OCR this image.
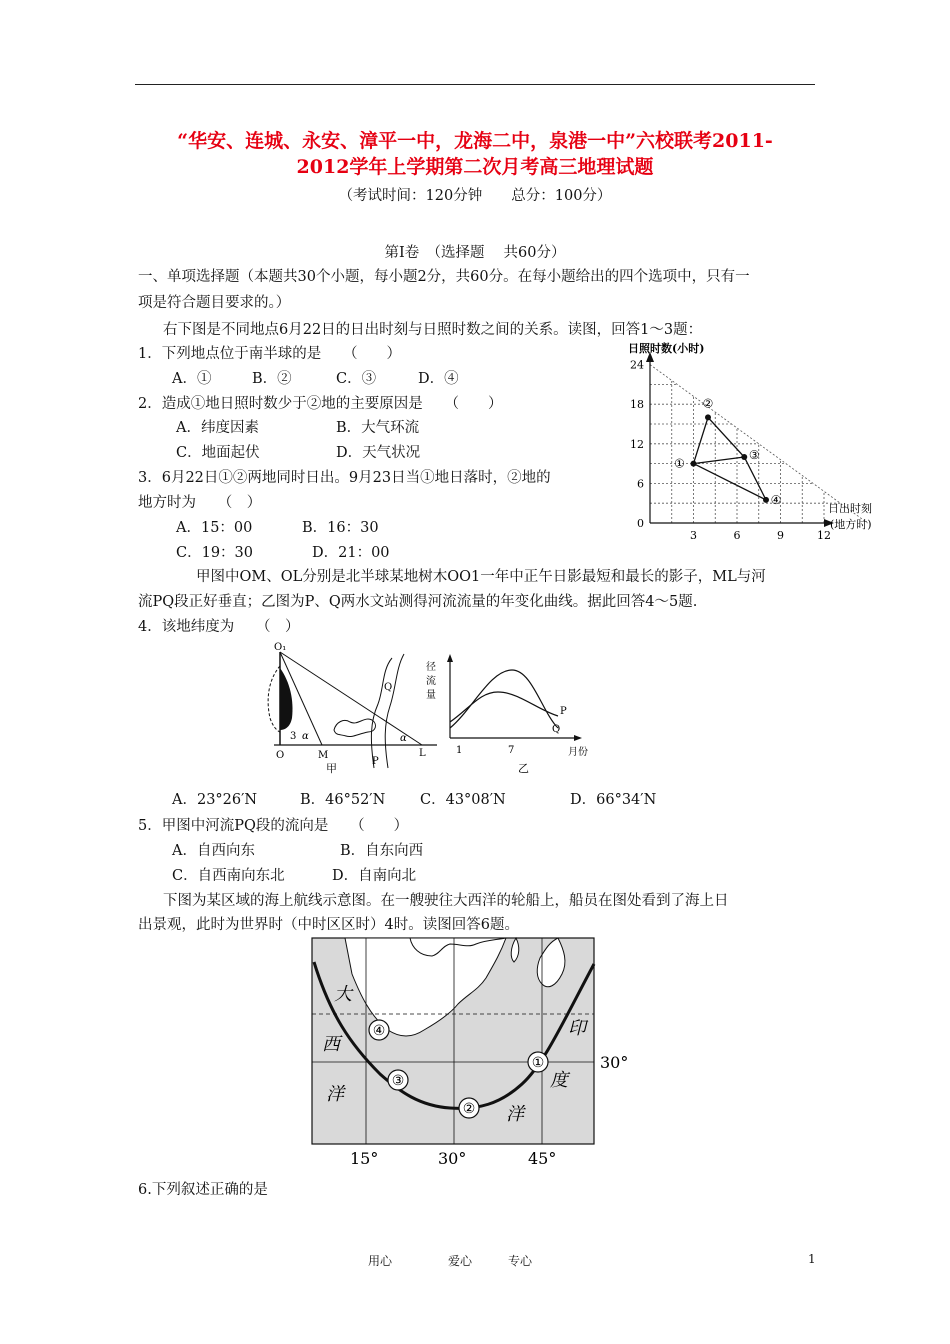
“华安、连城、永安、漳平一中，龙海二中，泉港一中”六校联考2011-
2012学年上学期第二次月考高三地理试题
（考试时间：120分钟　　总分：100分）
第Ⅰ卷　（选择题　 共60分）
一、单项选择题（本题共30个小题，每小题2分，共60分。在每小题给出的四个选项中，只有一
项是符合题目要求的。）
右下图是不同地点6月22日的日出时刻与日照时数之间的关系。读图，回答1～3题：
1．下列地点位于南半球的是　　（　　）
A．①	B．②	C．③	D．④
2．造成①地日照时数少于②地的主要原因是　　（　　）
A．纬度因素	B．大气环流
C．地面起伏	D．天气状况
3．6月22日①②两地同时日出。9月23日当①地日落时，②地的
地方时为　　（　）
A．15：00	B．16：30
C．19：30	D．21：00
日照时数(小时)
日出时刻
(地方时)
0
6
12
18
24
3	6	9	12
①
②
③
④
甲图中OM、OL分别是北半球某地树木OO1一年中正午日影最短和最长的影子，ML与河
流PQ段正好垂直；乙图为P、Q两水文站测得河流流量的年变化曲线。据此回答4～5题.
4．该地纬度为　　（　）
O₁
3 α	α
O	M	L
Q
P
甲
径
流
量
P
Q
1	7	月份
乙
A．23°26′N	B．46°52′N C．43°08′N	D．66°34′N
5．甲图中河流PQ段的流向是　　（　　）
A．自西向东	B．自东向西
C．自西南向东北	D．自南向北
下图为某区域的海上航线示意图。在一艘驶往大西洋的轮船上，船员在图处看到了海上日
出景观，此时为世界时（中时区区时）4时。读图回答6题。
①
②
③
④
大
西
洋
印
度
洋
30°
15°	30°	45°
6.下列叙述正确的是
用心	爱心	专心	1
